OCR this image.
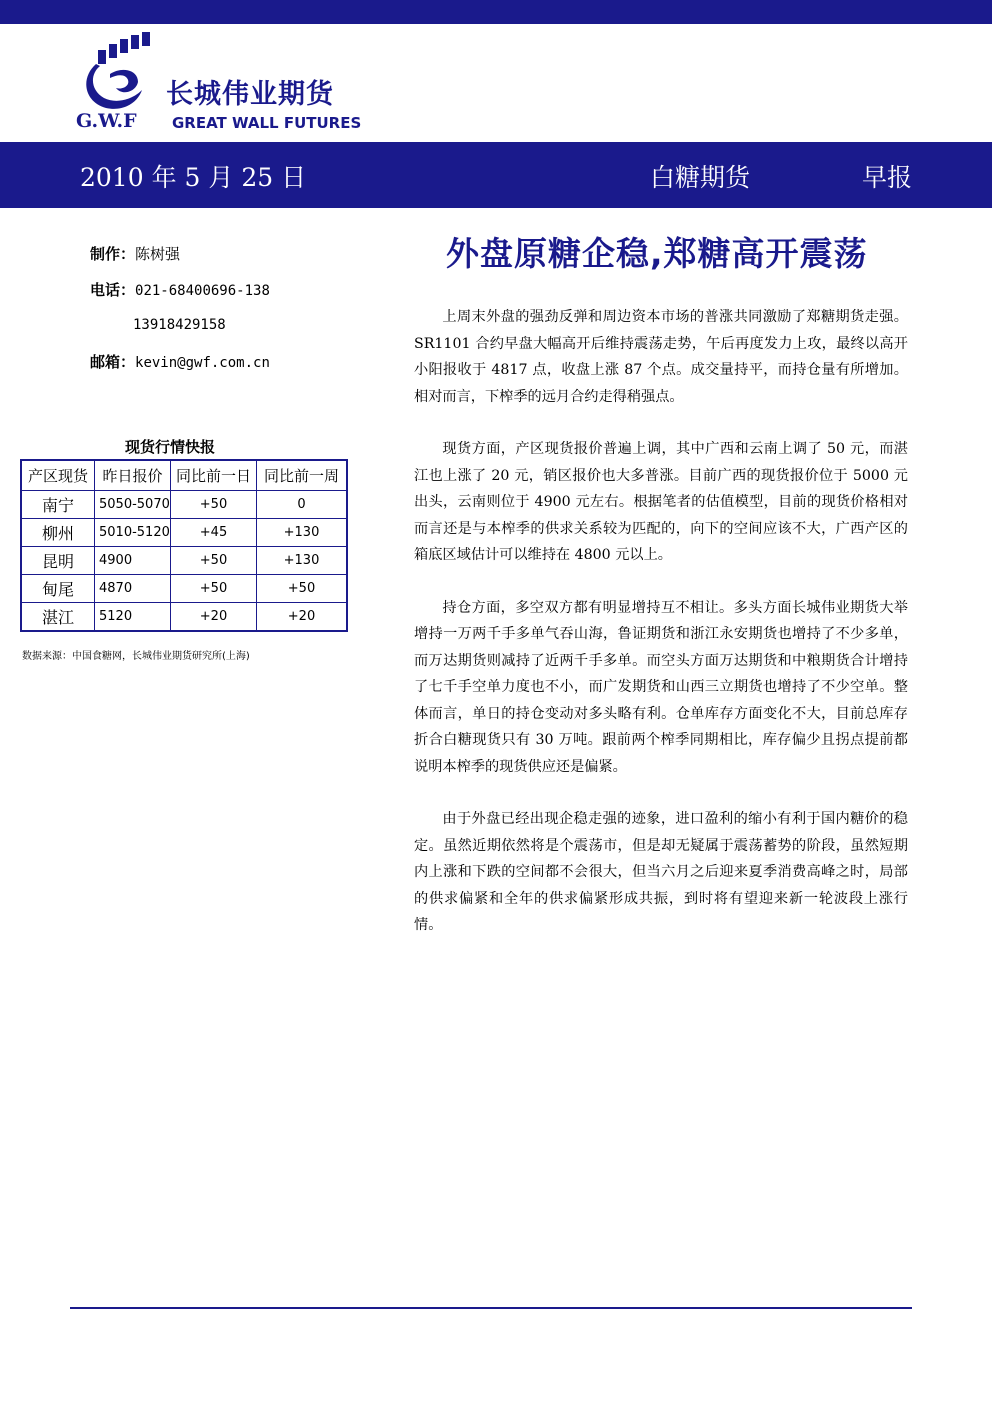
长城伟业期货
G.W.F GREAT WALL FUTURES
2010 年 5 月 25 日	白糖期货	早报
制作：陈树强
电话：021-68400696-138
13918429158
邮箱：kevin@gwf.com.cn
外盘原糖企稳,郑糖高开震荡
现货行情快报
产区现货	昨日报价	同比前一日	同比前一周
南宁	5050-5070	+50	0
柳州	5010-5120	+45	+130
昆明	4900	+50	+130
甸尾	4870	+50	+50
湛江	5120	+20	+20
数据来源：中国食糖网，长城伟业期货研究所(上海)

上周末外盘的强劲反弹和周边资本市场的普涨共同激励了郑糖期货走强。SR1101 合约早盘大幅高开后维持震荡走势，午后再度发力上攻，最终以高开小阳报收于 4817 点，收盘上涨 87 个点。成交量持平，而持仓量有所增加。相对而言，下榨季的远月合约走得稍强点。

现货方面，产区现货报价普遍上调，其中广西和云南上调了 50 元，而湛江也上涨了 20 元，销区报价也大多普涨。目前广西的现货报价位于 5000 元出头，云南则位于 4900 元左右。根据笔者的估值模型，目前的现货价格相对而言还是与本榨季的供求关系较为匹配的，向下的空间应该不大，广西产区的箱底区域估计可以维持在 4800 元以上。

持仓方面，多空双方都有明显增持互不相让。多头方面长城伟业期货大举增持一万两千手多单气吞山海，鲁证期货和浙江永安期货也增持了不少多单，而万达期货则减持了近两千手多单。而空头方面万达期货和中粮期货合计增持了七千手空单力度也不小，而广发期货和山西三立期货也增持了不少空单。整体而言，单日的持仓变动对多头略有利。仓单库存方面变化不大，目前总库存折合白糖现货只有 30 万吨。跟前两个榨季同期相比，库存偏少且拐点提前都说明本榨季的现货供应还是偏紧。

由于外盘已经出现企稳走强的迹象，进口盈利的缩小有利于国内糖价的稳定。虽然近期依然将是个震荡市，但是却无疑属于震荡蓄势的阶段，虽然短期内上涨和下跌的空间都不会很大，但当六月之后迎来夏季消费高峰之时，局部的供求偏紧和全年的供求偏紧形成共振，到时将有望迎来新一轮波段上涨行情。
